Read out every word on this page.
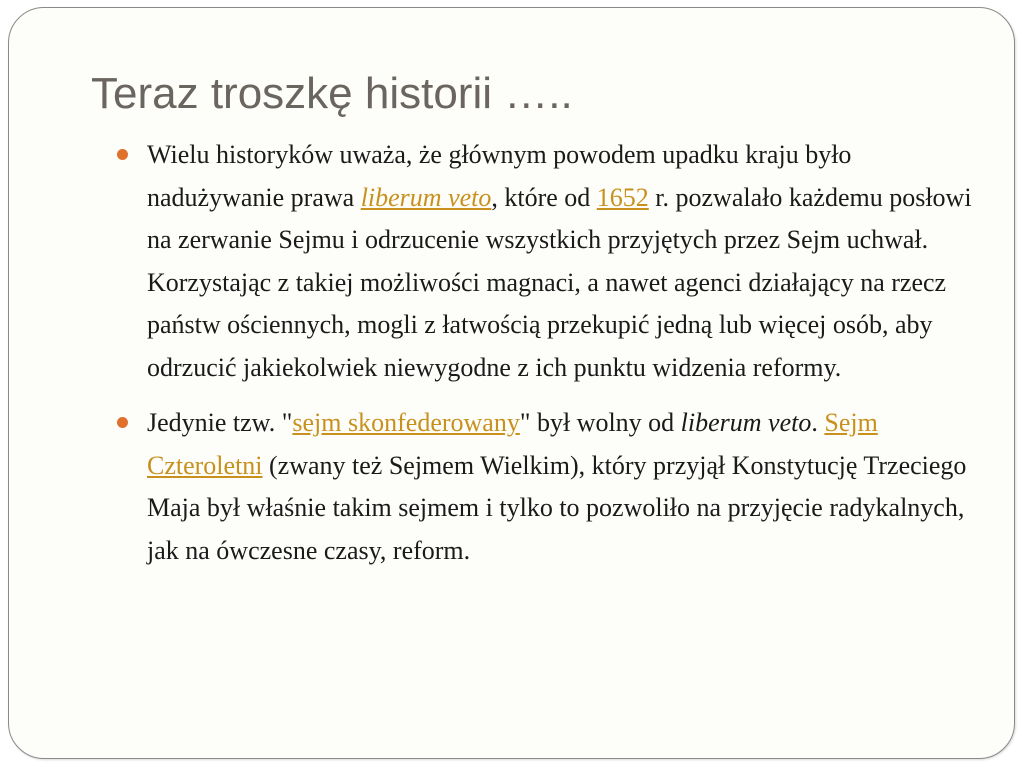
Teraz troszkę historii …..
Wielu historyków uważa, że głównym powodem upadku kraju było nadużywanie prawa liberum veto, które od 1652 r. pozwalało każdemu posłowi na zerwanie Sejmu i odrzucenie wszystkich przyjętych przez Sejm uchwał. Korzystając z takiej możliwości magnaci, a nawet agenci działający na rzecz państw ościennych, mogli z łatwością przekupić jedną lub więcej osób, aby odrzucić jakiekolwiek niewygodne z ich punktu widzenia reformy.
Jedynie tzw. "sejm skonfederowany" był wolny od liberum veto. Sejm Czteroletni (zwany też Sejmem Wielkim), który przyjął Konstytucję Trzeciego Maja był właśnie takim sejmem i tylko to pozwoliło na przyjęcie radykalnych, jak na ówczesne czasy, reform.
